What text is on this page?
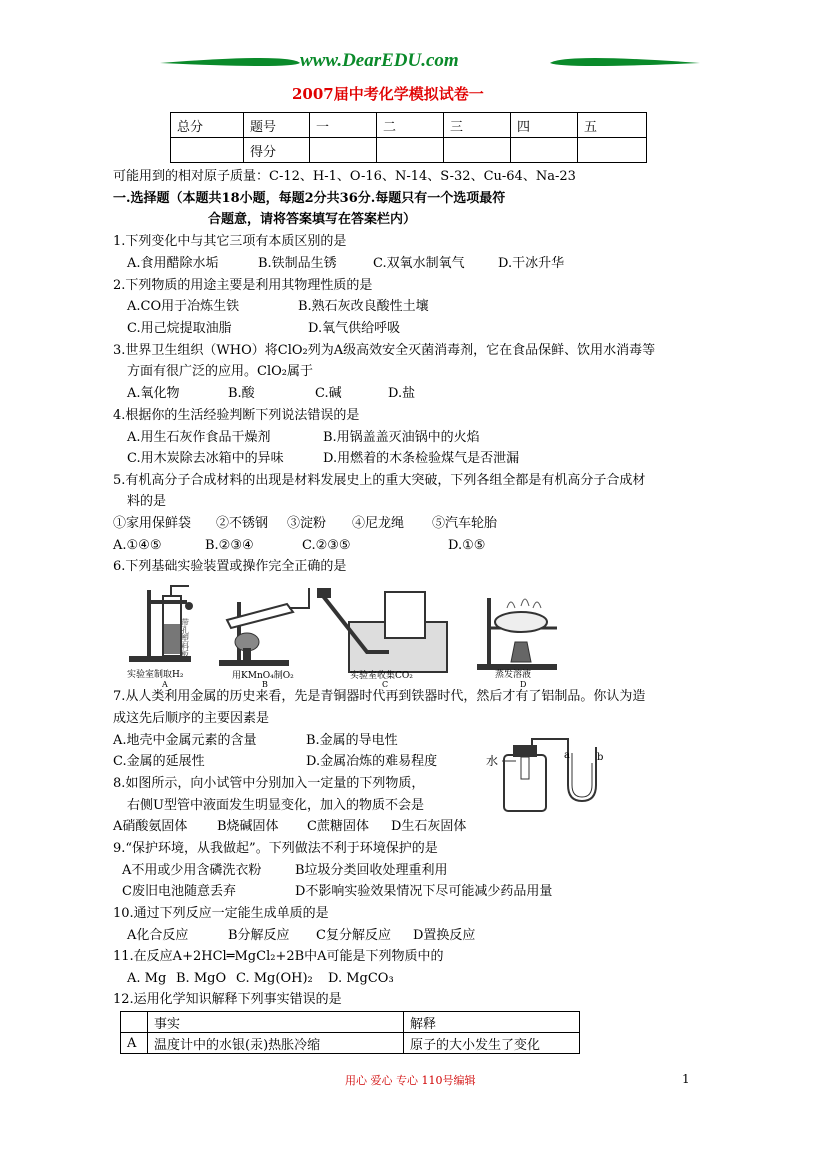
www.DearEDU.com
2007届中考化学模拟试卷一
总分	题号	一	二	三	四	五
	得分					
可能用到的相对原子质量：C-12、H-1、O-16、N-14、S-32、Cu-64、Na-23
一.选择题（本题共18小题，每题2分共36分.每题只有一个选项最符
合题意，请将答案填写在答案栏内）
1.下列变化中与其它三项有本质区别的是
A.食用醋除水垢	B.铁制品生锈	C.双氧水制氧气	D.干冰升华
2.下列物质的用途主要是利用其物理性质的是
A.CO用于冶炼生铁	B.熟石灰改良酸性土壤
C.用己烷提取油脂	D.氧气供给呼吸
3.世界卫生组织（WHO）将ClO₂列为A级高效安全灭菌消毒剂，它在食品保鲜、饮用水消毒等
方面有很广泛的应用。ClO₂属于
A.氧化物	B.酸	C.碱	D.盐
4.根据你的生活经验判断下列说法错误的是
A.用生石灰作食品干燥剂	B.用锅盖盖灭油锅中的火焰
C.用木炭除去冰箱中的异味	D.用燃着的木条检验煤气是否泄漏
5.有机高分子合成材料的出现是材料发展史上的重大突破，下列各组全都是有机高分子合成材
料的是
①家用保鲜袋 ②不锈钢 ③淀粉 ④尼龙绳 ⑤汽车轮胎
A.①④⑤	B.②③④	C.②③⑤	D.①⑤
6.下列基础实验装置或操作完全正确的是
带孔塑料板
实验室制取H₂	用KMnO₄制O₂	实验室收集CO₂	蒸发溶液
A	B	C	D
7.从人类利用金属的历史来看，先是青铜器时代再到铁器时代，然后才有了铝制品。你认为造
成这先后顺序的主要因素是
A.地壳中金属元素的含量	B.金属的导电性
C.金属的延展性	D.金属冶炼的难易程度
8.如图所示，向小试管中分别加入一定量的下列物质，
右侧U型管中液面发生明显变化，加入的物质不会是
A硝酸氨固体 B烧碱固体 C蔗糖固体 D生石灰固体
水	a	b
9.“保护环境，从我做起”。下列做法不利于环境保护的是
A不用或少用含磷洗衣粉	B垃圾分类回收处理重利用
C废旧电池随意丢弃	D不影响实验效果情况下尽可能减少药品用量
10.通过下列反应一定能生成单质的是
A化合反应	B分解反应 C复分解反应 D置换反应
11.在反应A+2HCl═MgCl₂+2B中A可能是下列物质中的
A. Mg B. MgO C. Mg(OH)₂ D. MgCO₃
12.运用化学知识解释下列事实错误的是
	事实	解释
A	温度计中的水银(汞)热胀冷缩	原子的大小发生了变化
用心 爱心 专心 110号编辑	1
